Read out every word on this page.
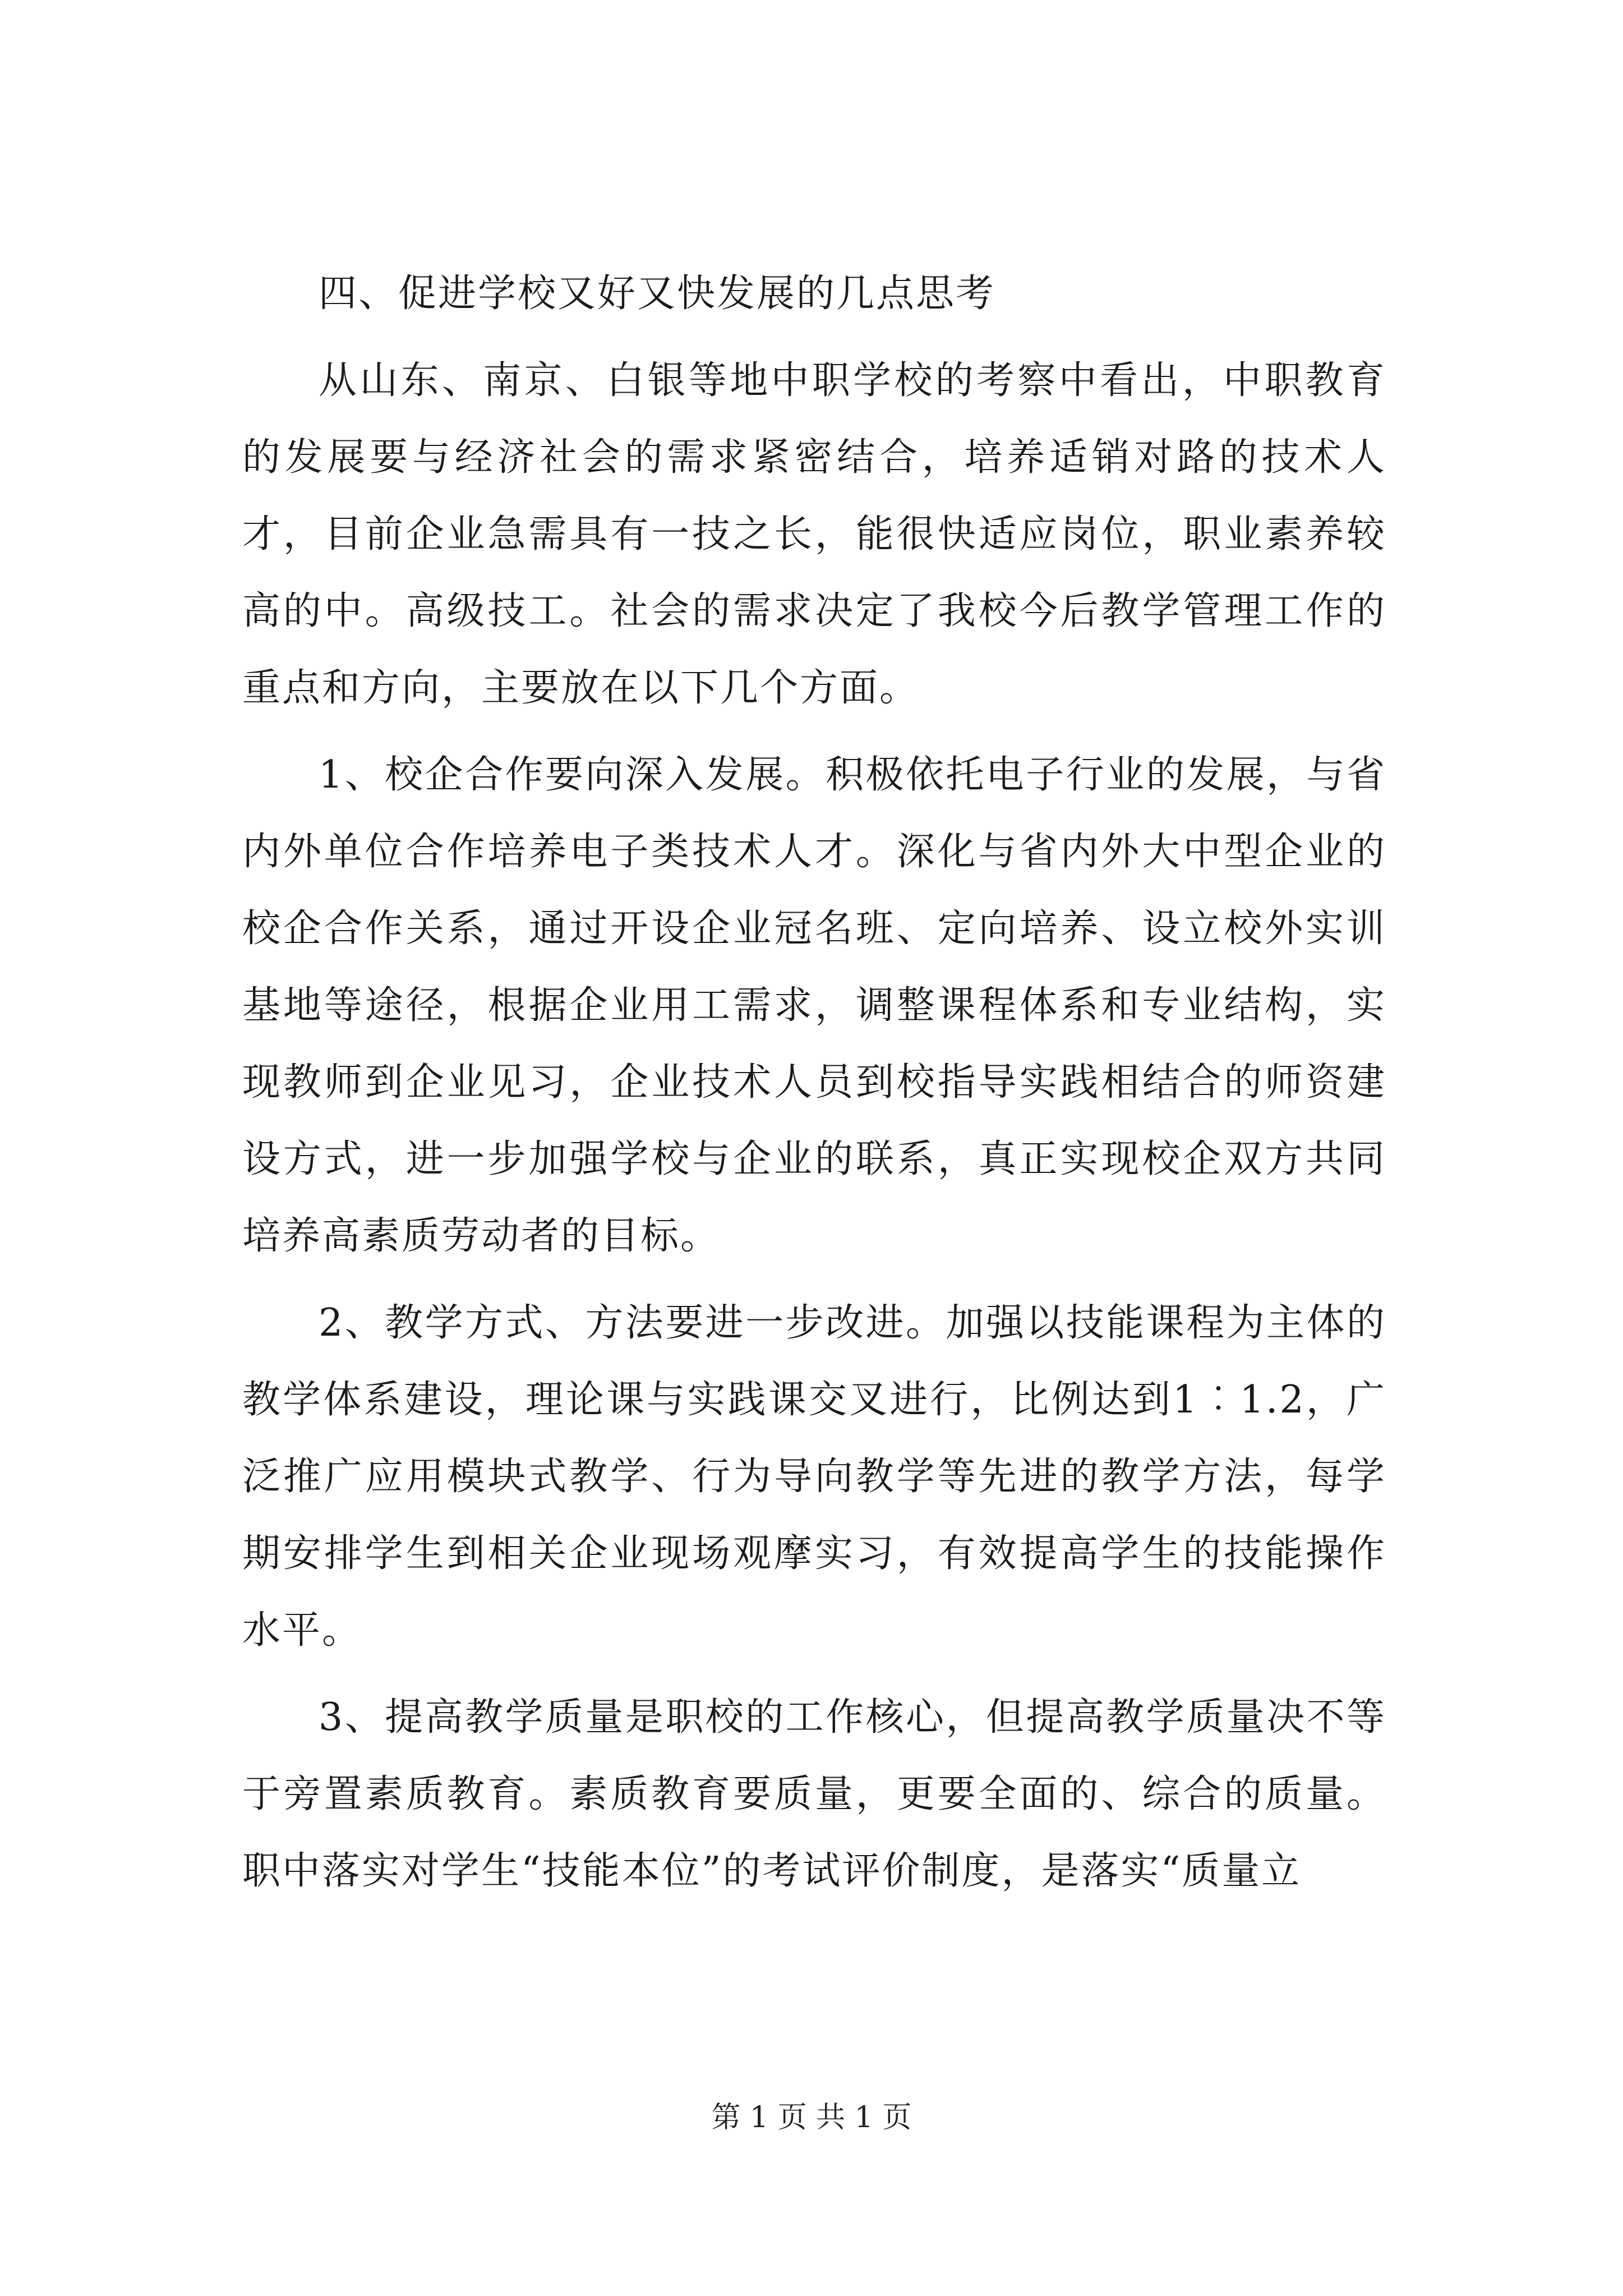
四、促进学校又好又快发展的几点思考

从山东、南京、白银等地中职学校的考察中看出，中职教育的发展要与经济社会的需求紧密结合，培养适销对路的技术人才，目前企业急需具有一技之长，能很快适应岗位，职业素养较高的中。高级技工。社会的需求决定了我校今后教学管理工作的重点和方向，主要放在以下几个方面。

1、校企合作要向深入发展。积极依托电子行业的发展，与省内外单位合作培养电子类技术人才。深化与省内外大中型企业的校企合作关系，通过开设企业冠名班、定向培养、设立校外实训基地等途径，根据企业用工需求，调整课程体系和专业结构，实现教师到企业见习，企业技术人员到校指导实践相结合的师资建设方式，进一步加强学校与企业的联系，真正实现校企双方共同培养高素质劳动者的目标。

2、教学方式、方法要进一步改进。加强以技能课程为主体的教学体系建设，理论课与实践课交叉进行，比例达到1︰1.2，广泛推广应用模块式教学、行为导向教学等先进的教学方法，每学期安排学生到相关企业现场观摩实习，有效提高学生的技能操作水平。

3、提高教学质量是职校的工作核心，但提高教学质量决不等于旁置素质教育。素质教育要质量，更要全面的、综合的质量。职中落实对学生“技能本位”的考试评价制度，是落实“质量立

第 1 页 共 1 页
